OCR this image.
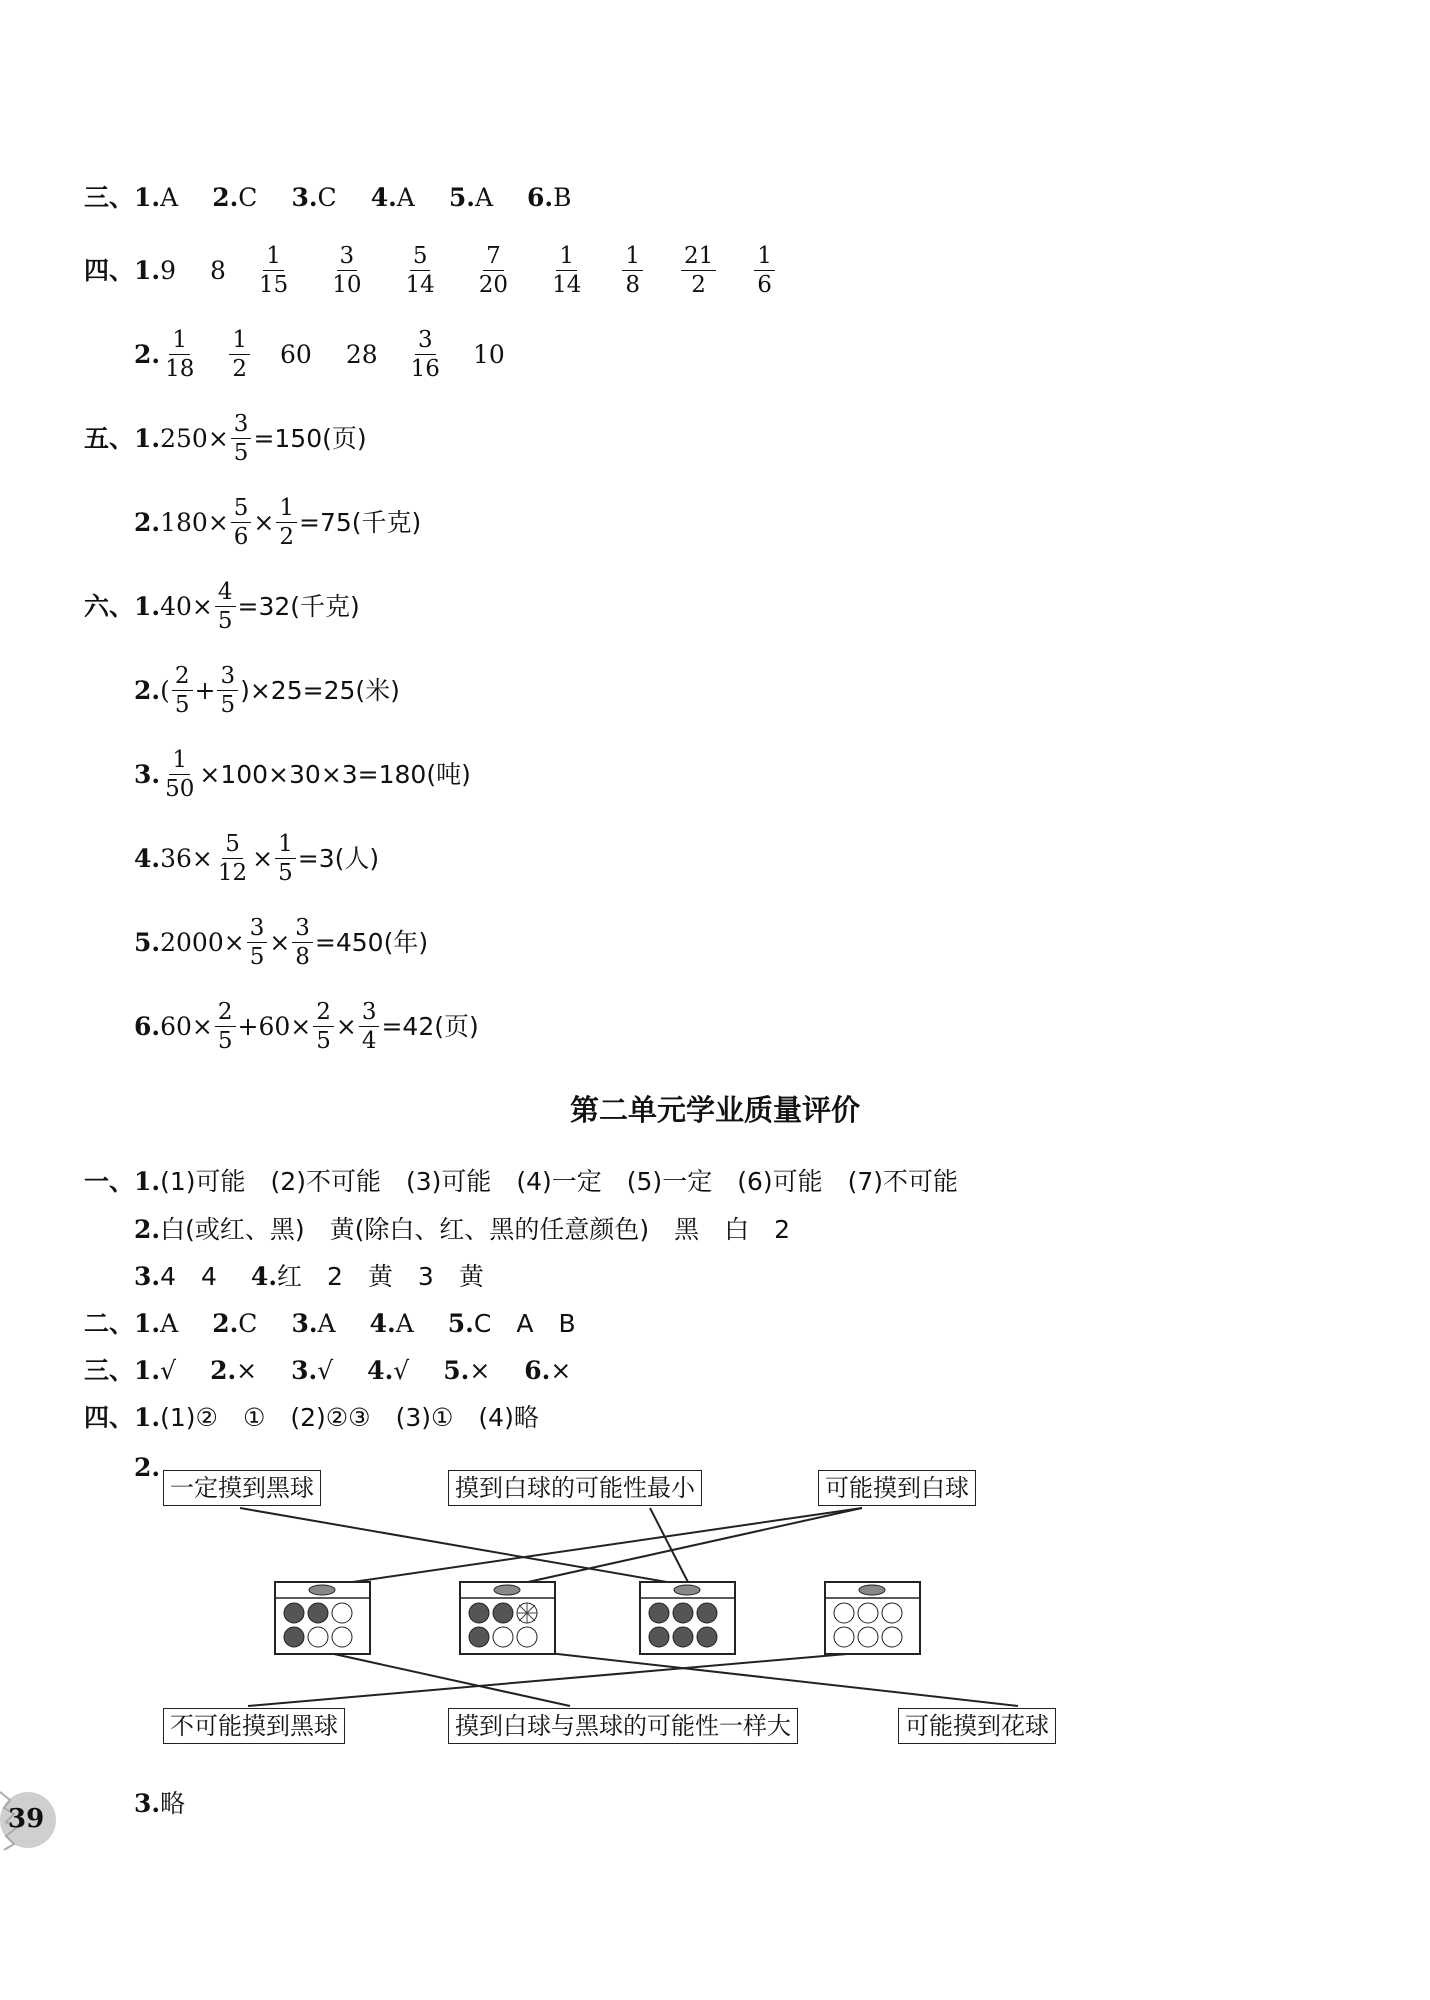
三、 1. A 2. C 3. C 4. A 5. A 6. B
四、 1. 9 $8 \frac{1}{15} \frac{3}{10} \frac{5}{14} \frac{7}{20} \frac{1}{14} \frac{1}{8} \frac{21}{2} \frac{1}{6}$
2. $\frac{1}{18} \frac{1}{2} 60$ $28 \frac{3}{16} 10$
五、 1. $250\times \frac{3}{5} =150$(页)
2. $180\times \frac{5}{6} \times \frac{1}{2} =75$(千克)
六、 1. $40\times \frac{4}{5} =32$(千克)
2. ( $\frac{2}{5} + \frac{3}{5} )\times 25=25$(米)
3. $\frac{1}{50} \times 100\times 30\times 3=180$(吨)
4. $36\times \frac{5}{12} \times \frac{1}{5} =3$(人)
5. $2000\times \frac{3}{5} \times \frac{3}{8} =450$(年)
6. $60\times \frac{2}{5} +60\times \frac{2}{5} \times \frac{3}{4} =42$(页)
第二单元学业质量评价
一、 1. (1)可能　(2)不可能　(3)可能　(4)一定　(5)一定　(6)可能　(7)不可能
2. 白(或红、黑)　黄(除白、红、黑的任意颜色)　黑　白　2
3. 4　4 4. 红　2　黄　3　黄
二、 1. A 2. C 3. A 4. A 5. C　A　B
三、 1. √ 2. × 3. √ 4. √ 5. × 6. ×
四、 1. (1)②　①　(2)②③　(3)①　(4)略
2.
一定摸到黑球	摸到白球的可能性最小	可能摸到白球
不可能摸到黑球	摸到白球与黑球的可能性一样大	可能摸到花球
3. 略
39
